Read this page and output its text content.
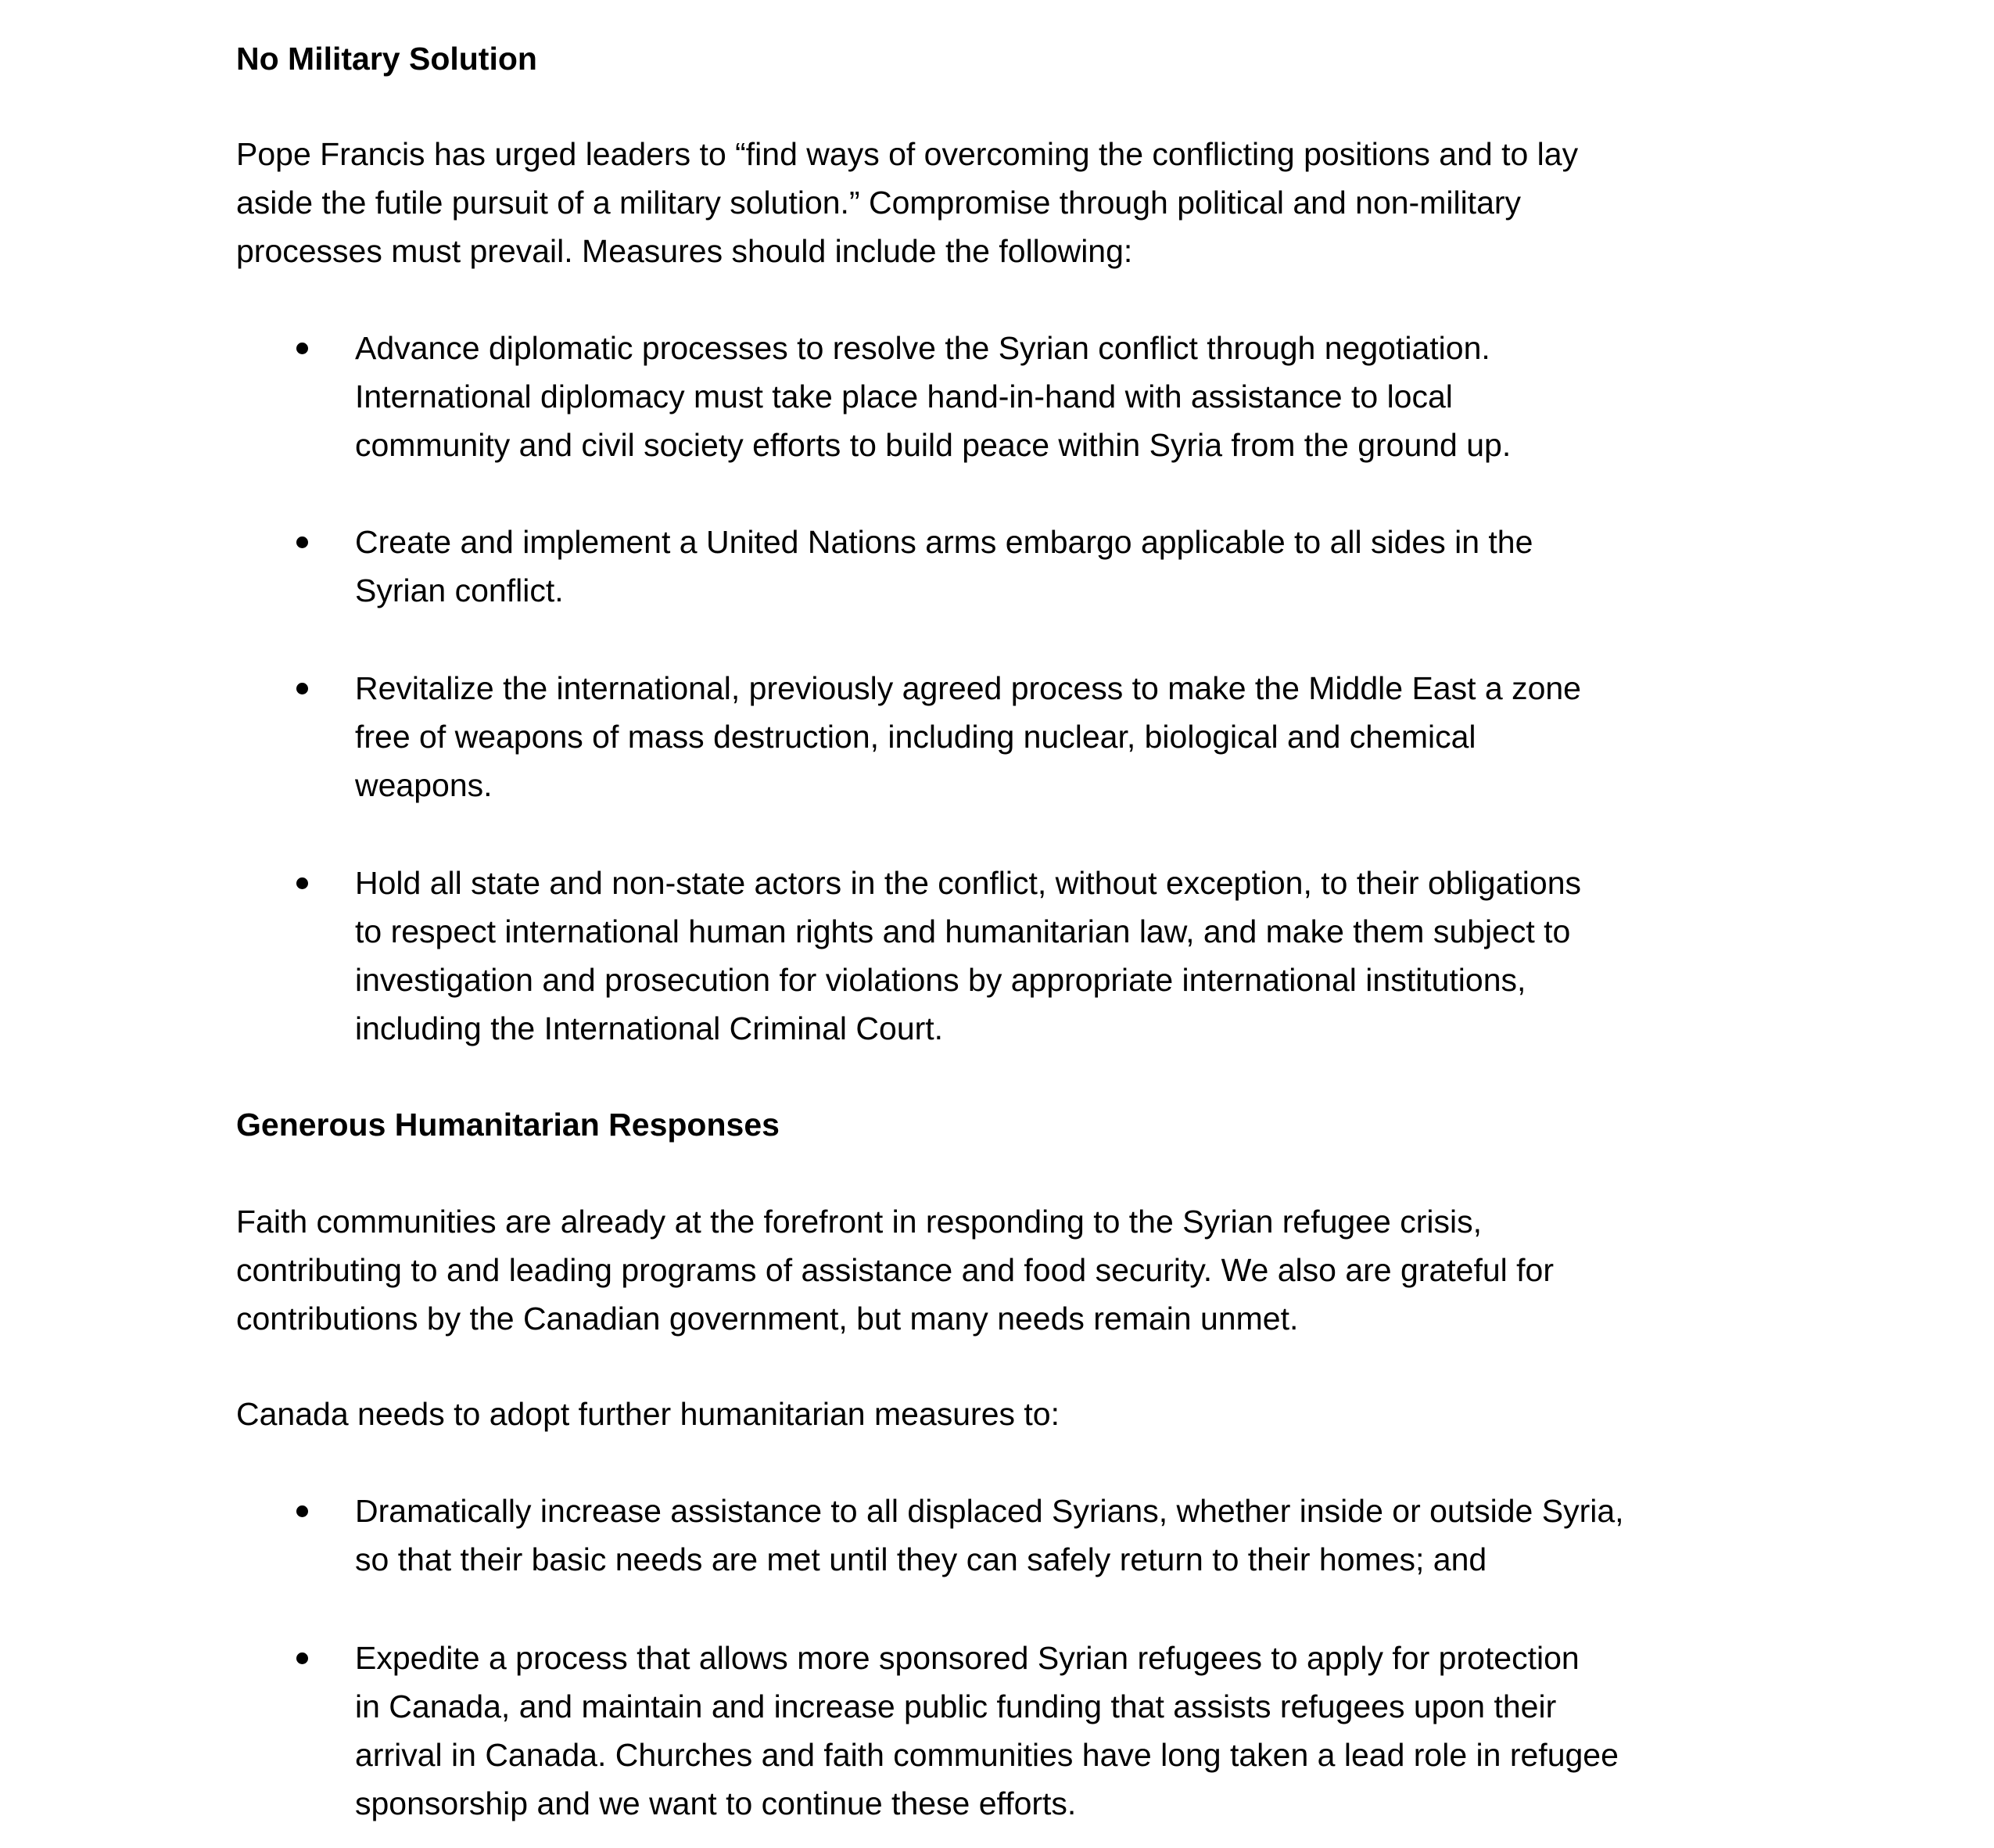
No Military Solution
Pope Francis has urged leaders to “find ways of overcoming the conflicting positions and to lay
aside the futile pursuit of a military solution.” Compromise through political and non-military
processes must prevail. Measures should include the following:
Advance diplomatic processes to resolve the Syrian conflict through negotiation.
International diplomacy must take place hand-in-hand with assistance to local
community and civil society efforts to build peace within Syria from the ground up.
Create and implement a United Nations arms embargo applicable to all sides in the
Syrian conflict.
Revitalize the international, previously agreed process to make the Middle East a zone
free of weapons of mass destruction, including nuclear, biological and chemical
weapons.
Hold all state and non-state actors in the conflict, without exception, to their obligations
to respect international human rights and humanitarian law, and make them subject to
investigation and prosecution for violations by appropriate international institutions,
including the International Criminal Court.
Generous Humanitarian Responses
Faith communities are already at the forefront in responding to the Syrian refugee crisis,
contributing to and leading programs of assistance and food security. We also are grateful for
contributions by the Canadian government, but many needs remain unmet.
Canada needs to adopt further humanitarian measures to:
Dramatically increase assistance to all displaced Syrians, whether inside or outside Syria,
so that their basic needs are met until they can safely return to their homes; and
Expedite a process that allows more sponsored Syrian refugees to apply for protection
in Canada, and maintain and increase public funding that assists refugees upon their
arrival in Canada. Churches and faith communities have long taken a lead role in refugee
sponsorship and we want to continue these efforts.
